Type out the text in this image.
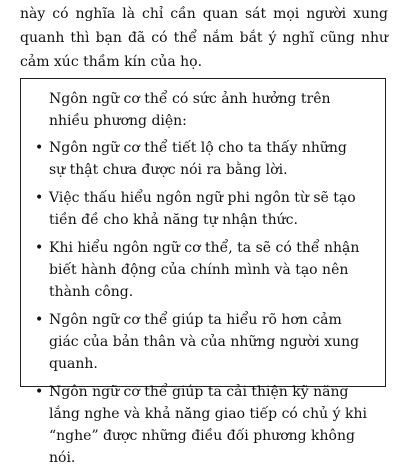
này có nghĩa là chỉ cần quan sát mọi người xung quanh thì bạn đã có thể nắm bắt ý nghĩ cũng như cảm xúc thầm kín của họ.

Ngôn ngữ cơ thể có sức ảnh hưởng trên nhiều phương diện:

• Ngôn ngữ cơ thể tiết lộ cho ta thấy những sự thật chưa được nói ra bằng lời.
• Việc thấu hiểu ngôn ngữ phi ngôn từ sẽ tạo tiền đề cho khả năng tự nhận thức.
• Khi hiểu ngôn ngữ cơ thể, ta sẽ có thể nhận biết hành động của chính mình và tạo nên thành công.
• Ngôn ngữ cơ thể giúp ta hiểu rõ hơn cảm giác của bản thân và của những người xung quanh.
• Ngôn ngữ cơ thể giúp ta cải thiện kỹ năng lắng nghe và khả năng giao tiếp có chủ ý khi “nghe” được những điều đối phương không nói.
